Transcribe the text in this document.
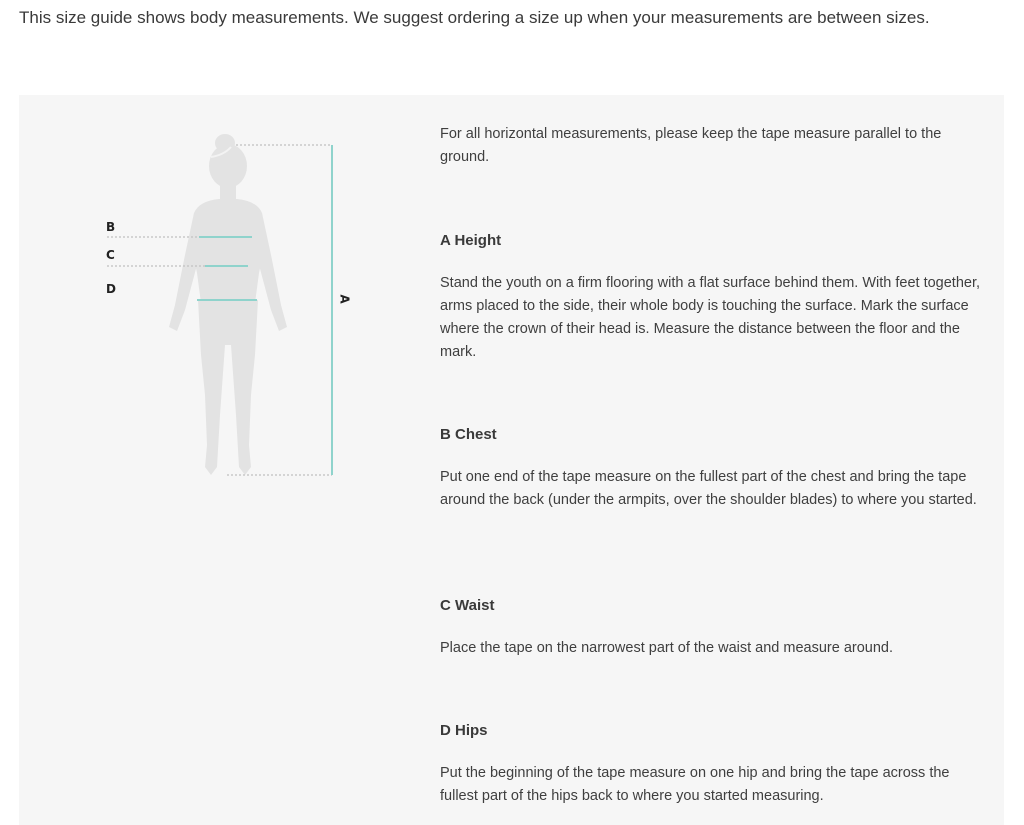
This size guide shows body measurements. We suggest ordering a size up when your measurements are between sizes.

B
C
D
A

For all horizontal measurements, please keep the tape measure parallel to the ground.

A Height

Stand the youth on a firm flooring with a flat surface behind them. With feet together, arms placed to the side, their whole body is touching the surface. Mark the surface where the crown of their head is. Measure the distance between the floor and the mark.

B Chest

Put one end of the tape measure on the fullest part of the chest and bring the tape around the back (under the armpits, over the shoulder blades) to where you started.

C Waist

Place the tape on the narrowest part of the waist and measure around.

D Hips

Put the beginning of the tape measure on one hip and bring the tape across the fullest part of the hips back to where you started measuring.
